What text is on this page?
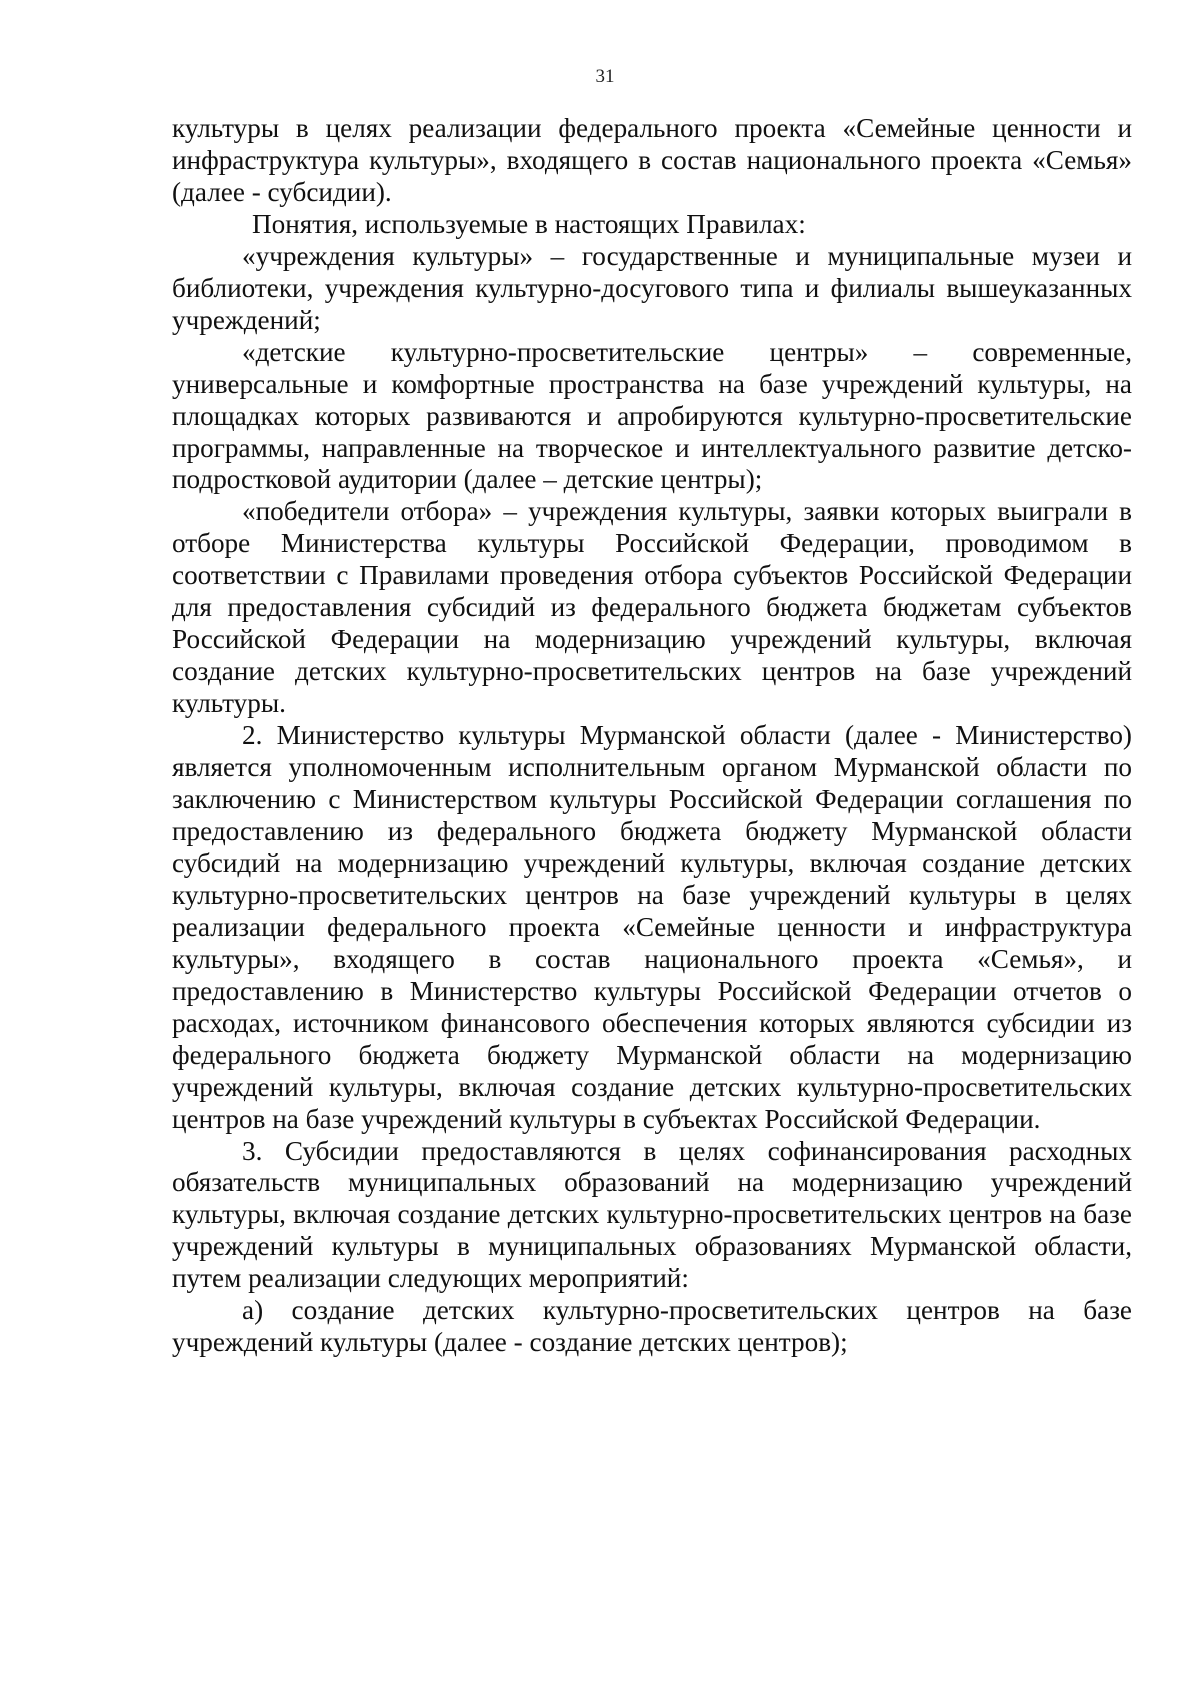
31

культуры в целях реализации федерального проекта «Семейные ценности и инфраструктура культуры», входящего в состав национального проекта «Семья» (далее - субсидии).

Понятия, используемые в настоящих Правилах:

«учреждения культуры» – государственные и муниципальные музеи и библиотеки, учреждения культурно-досугового типа и филиалы вышеуказанных учреждений;

«детские культурно-просветительские центры» – современные, универсальные и комфортные пространства на базе учреждений культуры, на площадках которых развиваются и апробируются культурно-просветительские программы, направленные на творческое и интеллектуального развитие детско-подростковой аудитории (далее – детские центры);

«победители отбора» – учреждения культуры, заявки которых выиграли в отборе Министерства культуры Российской Федерации, проводимом в соответствии с Правилами проведения отбора субъектов Российской Федерации для предоставления субсидий из федерального бюджета бюджетам субъектов Российской Федерации на модернизацию учреждений культуры, включая создание детских культурно-просветительских центров на базе учреждений культуры.

2. Министерство культуры Мурманской области (далее - Министерство) является уполномоченным исполнительным органом Мурманской области по заключению с Министерством культуры Российской Федерации соглашения по предоставлению из федерального бюджета бюджету Мурманской области субсидий на модернизацию учреждений культуры, включая создание детских культурно-просветительских центров на базе учреждений культуры в целях реализации федерального проекта «Семейные ценности и инфраструктура культуры», входящего в состав национального проекта «Семья», и предоставлению в Министерство культуры Российской Федерации отчетов о расходах, источником финансового обеспечения которых являются субсидии из федерального бюджета бюджету Мурманской области на модернизацию учреждений культуры, включая создание детских культурно-просветительских центров на базе учреждений культуры в субъектах Российской Федерации.

3. Субсидии предоставляются в целях софинансирования расходных обязательств муниципальных образований на модернизацию учреждений культуры, включая создание детских культурно-просветительских центров на базе учреждений культуры в муниципальных образованиях Мурманской области, путем реализации следующих мероприятий:

а) создание детских культурно-просветительских центров на базе учреждений культуры (далее - создание детских центров);
